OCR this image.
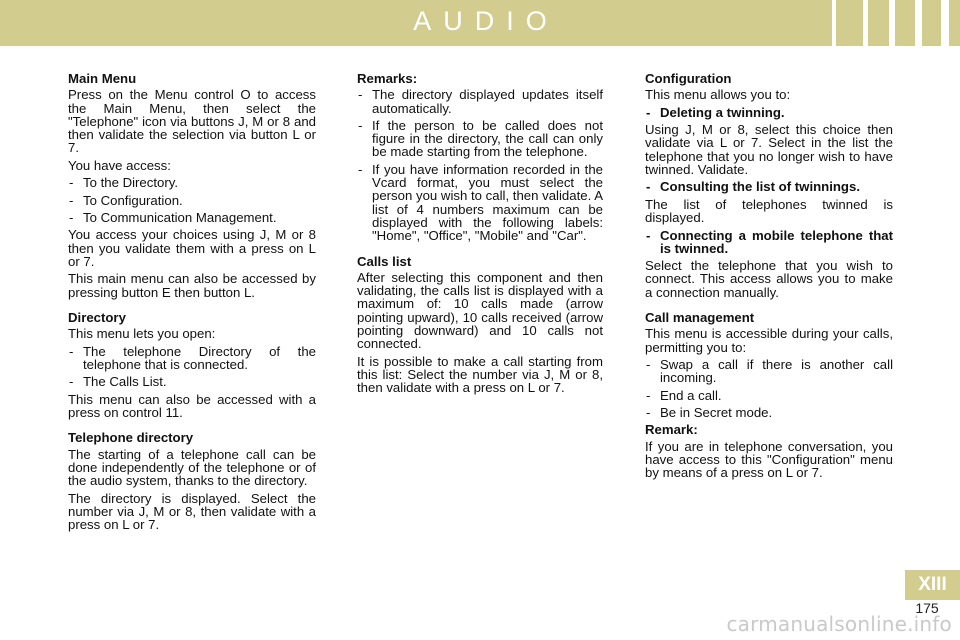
AUDIO
Main Menu

Press on the Menu control O to access the Main Menu, then select the "Telephone" icon via buttons J, M or 8 and then validate the selection via button L or 7.

You have access:

- To the Directory.
- To Configuration.
- To Communication Management.

You access your choices using J, M or 8 then you validate them with a press on L or 7.

This main menu can also be accessed by pressing button E then button L.

Directory

This menu lets you open:

- The telephone Directory of the telephone that is connected.
- The Calls List.

This menu can also be accessed with a press on control 11.

Telephone directory

The starting of a telephone call can be done independently of the telephone or of the audio system, thanks to the directory.

The directory is displayed. Select the number via J, M or 8, then validate with a press on L or 7.

Remarks:
- The directory displayed updates itself automatically.
- If the person to be called does not figure in the directory, the call can only be made starting from the telephone.
- If you have information recorded in the Vcard format, you must select the person you wish to call, then validate. A list of 4 numbers maximum can be displayed with the following labels: "Home", "Office", "Mobile" and "Car".
Calls list

After selecting this component and then validating, the calls list is displayed with a maximum of: 10 calls made (arrow pointing upward), 10 calls received (arrow pointing downward) and 10 calls not connected.

It is possible to make a call starting from this list: Select the number via J, M or 8, then validate with a press on L or 7.

Configuration

This menu allows you to:

- Deleting a twinning.

Using J, M or 8, select this choice then validate via L or 7. Select in the list the telephone that you no longer wish to have twinned. Validate.

- Consulting the list of twinnings.

The list of telephones twinned is displayed.

- Connecting a mobile telephone that is twinned.

Select the telephone that you wish to connect. This access allows you to make a connection manually.

Call management

This menu is accessible during your calls, permitting you to:

- Swap a call if there is another call incoming.
- End a call.
- Be in Secret mode.
Remark:

If you are in telephone conversation, you have access to this "Configuration" menu by means of a press on L or 7.

XIII
175
carmanualsonline.info
